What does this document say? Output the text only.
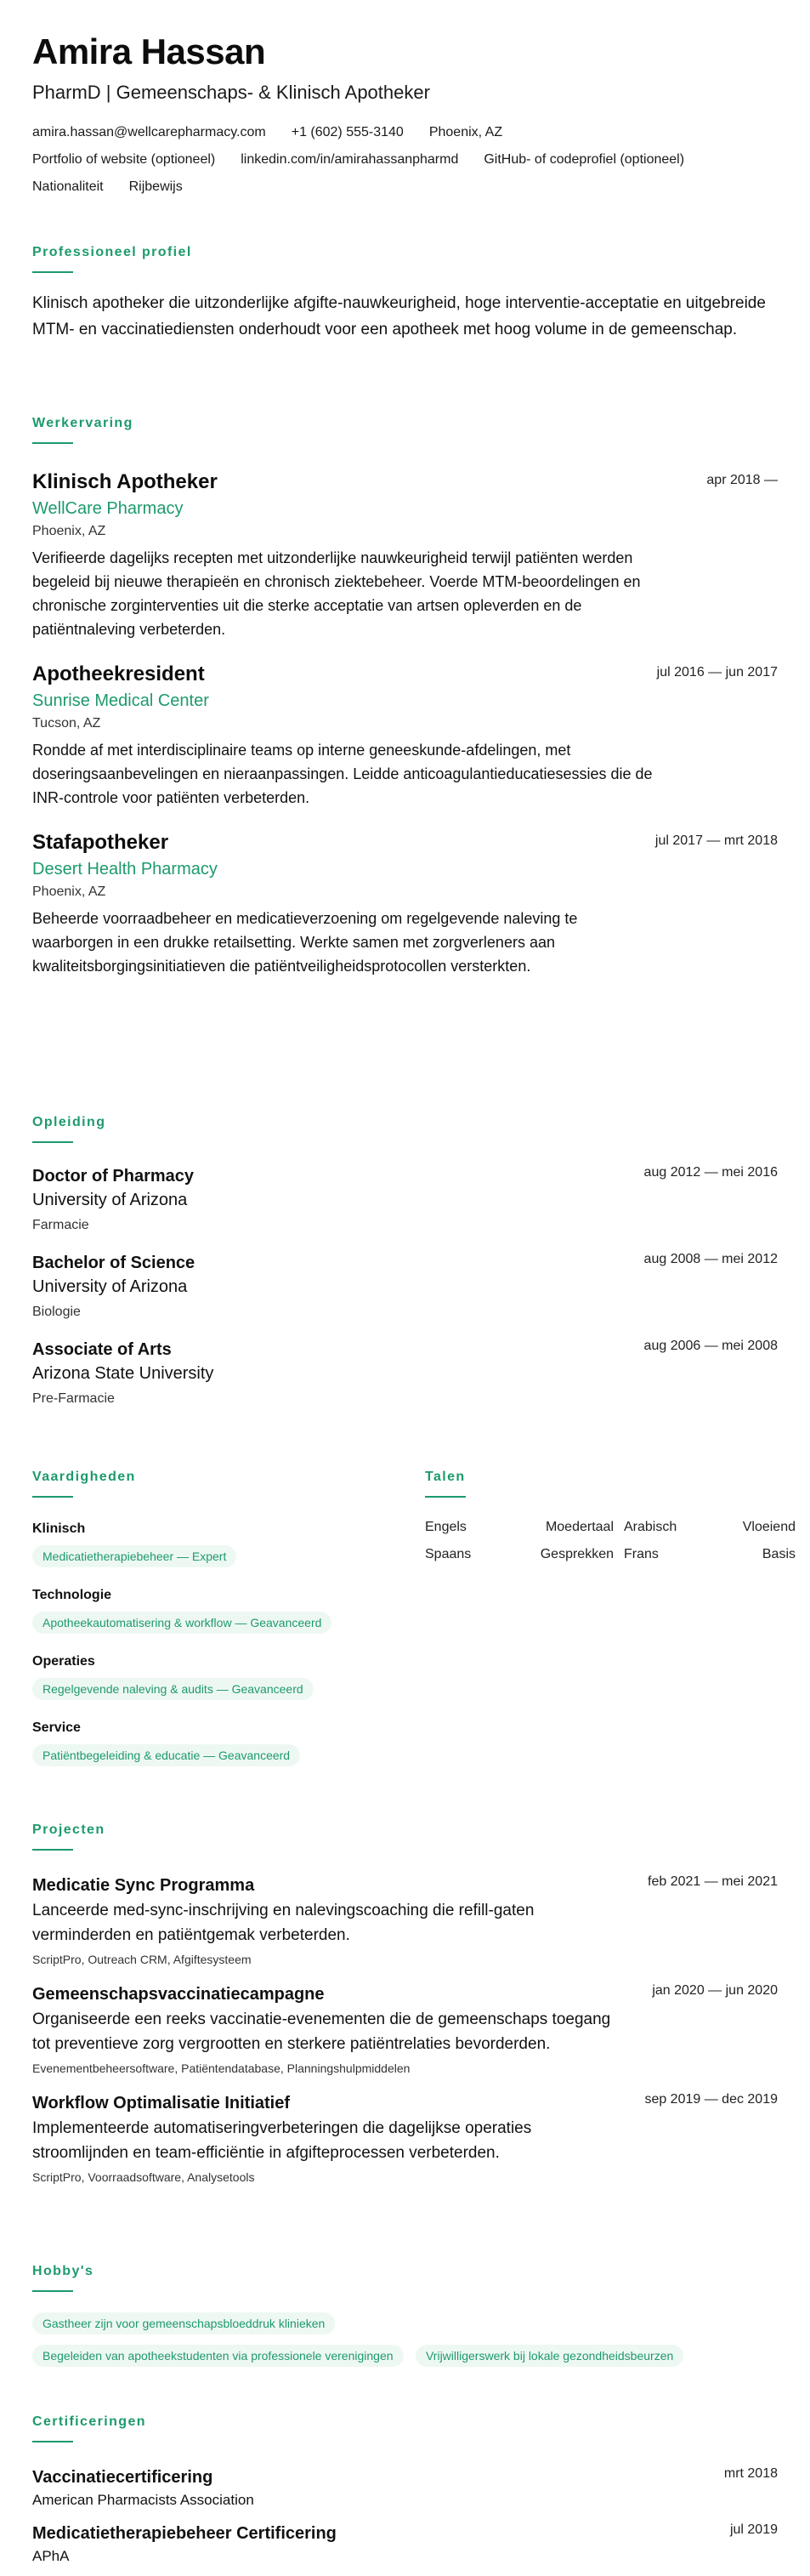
Amira Hassan
PharmD | Gemeenschaps- & Klinisch Apotheker
amira.hassan@wellcarepharmacy.com +1 (602) 555-3140 Phoenix, AZ
Portfolio of website (optioneel) linkedin.com/in/amirahassanpharmd GitHub- of codeprofiel (optioneel)
Nationaliteit Rijbewijs
Professioneel profiel
Klinisch apotheker die uitzonderlijke afgifte-nauwkeurigheid, hoge interventie-acceptatie en uitgebreide MTM- en vaccinatiediensten onderhoudt voor een apotheek met hoog volume in de gemeenschap.
Werkervaring
Klinisch Apotheker	apr 2018 —
WellCare Pharmacy
Phoenix, AZ
Verifieerde dagelijks recepten met uitzonderlijke nauwkeurigheid terwijl patiënten werden begeleid bij nieuwe therapieën en chronisch ziektebeheer. Voerde MTM-beoordelingen en chronische zorginterventies uit die sterke acceptatie van artsen opleverden en de patiëntnaleving verbeterden.
Apotheekresident	jul 2016 — jun 2017
Sunrise Medical Center
Tucson, AZ
Rondde af met interdisciplinaire teams op interne geneeskunde-afdelingen, met doseringsaanbevelingen en nieraanpassingen. Leidde anticoagulantieducatiesessies die de INR-controle voor patiënten verbeterden.
Stafapotheker	jul 2017 — mrt 2018
Desert Health Pharmacy
Phoenix, AZ
Beheerde voorraadbeheer en medicatieverzoening om regelgevende naleving te waarborgen in een drukke retailsetting. Werkte samen met zorgverleners aan kwaliteitsborgingsinitiatieven die patiëntveiligheidsprotocollen versterkten.
Opleiding
Doctor of Pharmacy	aug 2012 — mei 2016
University of Arizona
Farmacie
Bachelor of Science	aug 2008 — mei 2012
University of Arizona
Biologie
Associate of Arts	aug 2006 — mei 2008
Arizona State University
Pre-Farmacie
Vaardigheden
Klinisch
Medicatietherapiebeheer — Expert
Technologie
Apotheekautomatisering & workflow — Geavanceerd
Operaties
Regelgevende naleving & audits — Geavanceerd
Service
Patiëntbegeleiding & educatie — Geavanceerd
Talen
Engels	Moedertaal Arabisch	Vloeiend
Spaans	Gesprekken Frans	Basis
Projecten
Medicatie Sync Programma	feb 2021 — mei 2021
Lanceerde med-sync-inschrijving en nalevingscoaching die refill-gaten verminderden en patiëntgemak verbeterden.
ScriptPro, Outreach CRM, Afgiftesysteem
Gemeenschapsvaccinatiecampagne	jan 2020 — jun 2020
Organiseerde een reeks vaccinatie-evenementen die de gemeenschaps toegang tot preventieve zorg vergrootten en sterkere patiëntrelaties bevorderden.
Evenementbeheersoftware, Patiëntendatabase, Planningshulpmiddelen
Workflow Optimalisatie Initiatief	sep 2019 — dec 2019
Implementeerde automatiseringverbeteringen die dagelijkse operaties stroomlijnden en team-efficiëntie in afgifteprocessen verbeterden.
ScriptPro, Voorraadsoftware, Analysetools
Hobby's
Gastheer zijn voor gemeenschapsbloeddruk klinieken
Begeleiden van apotheekstudenten via professionele verenigingen	Vrijwilligerswerk bij lokale gezondheidsbeurzen
Certificeringen
Vaccinatiecertificering	mrt 2018
American Pharmacists Association
Medicatietherapiebeheer Certificering	jul 2019
APhA
